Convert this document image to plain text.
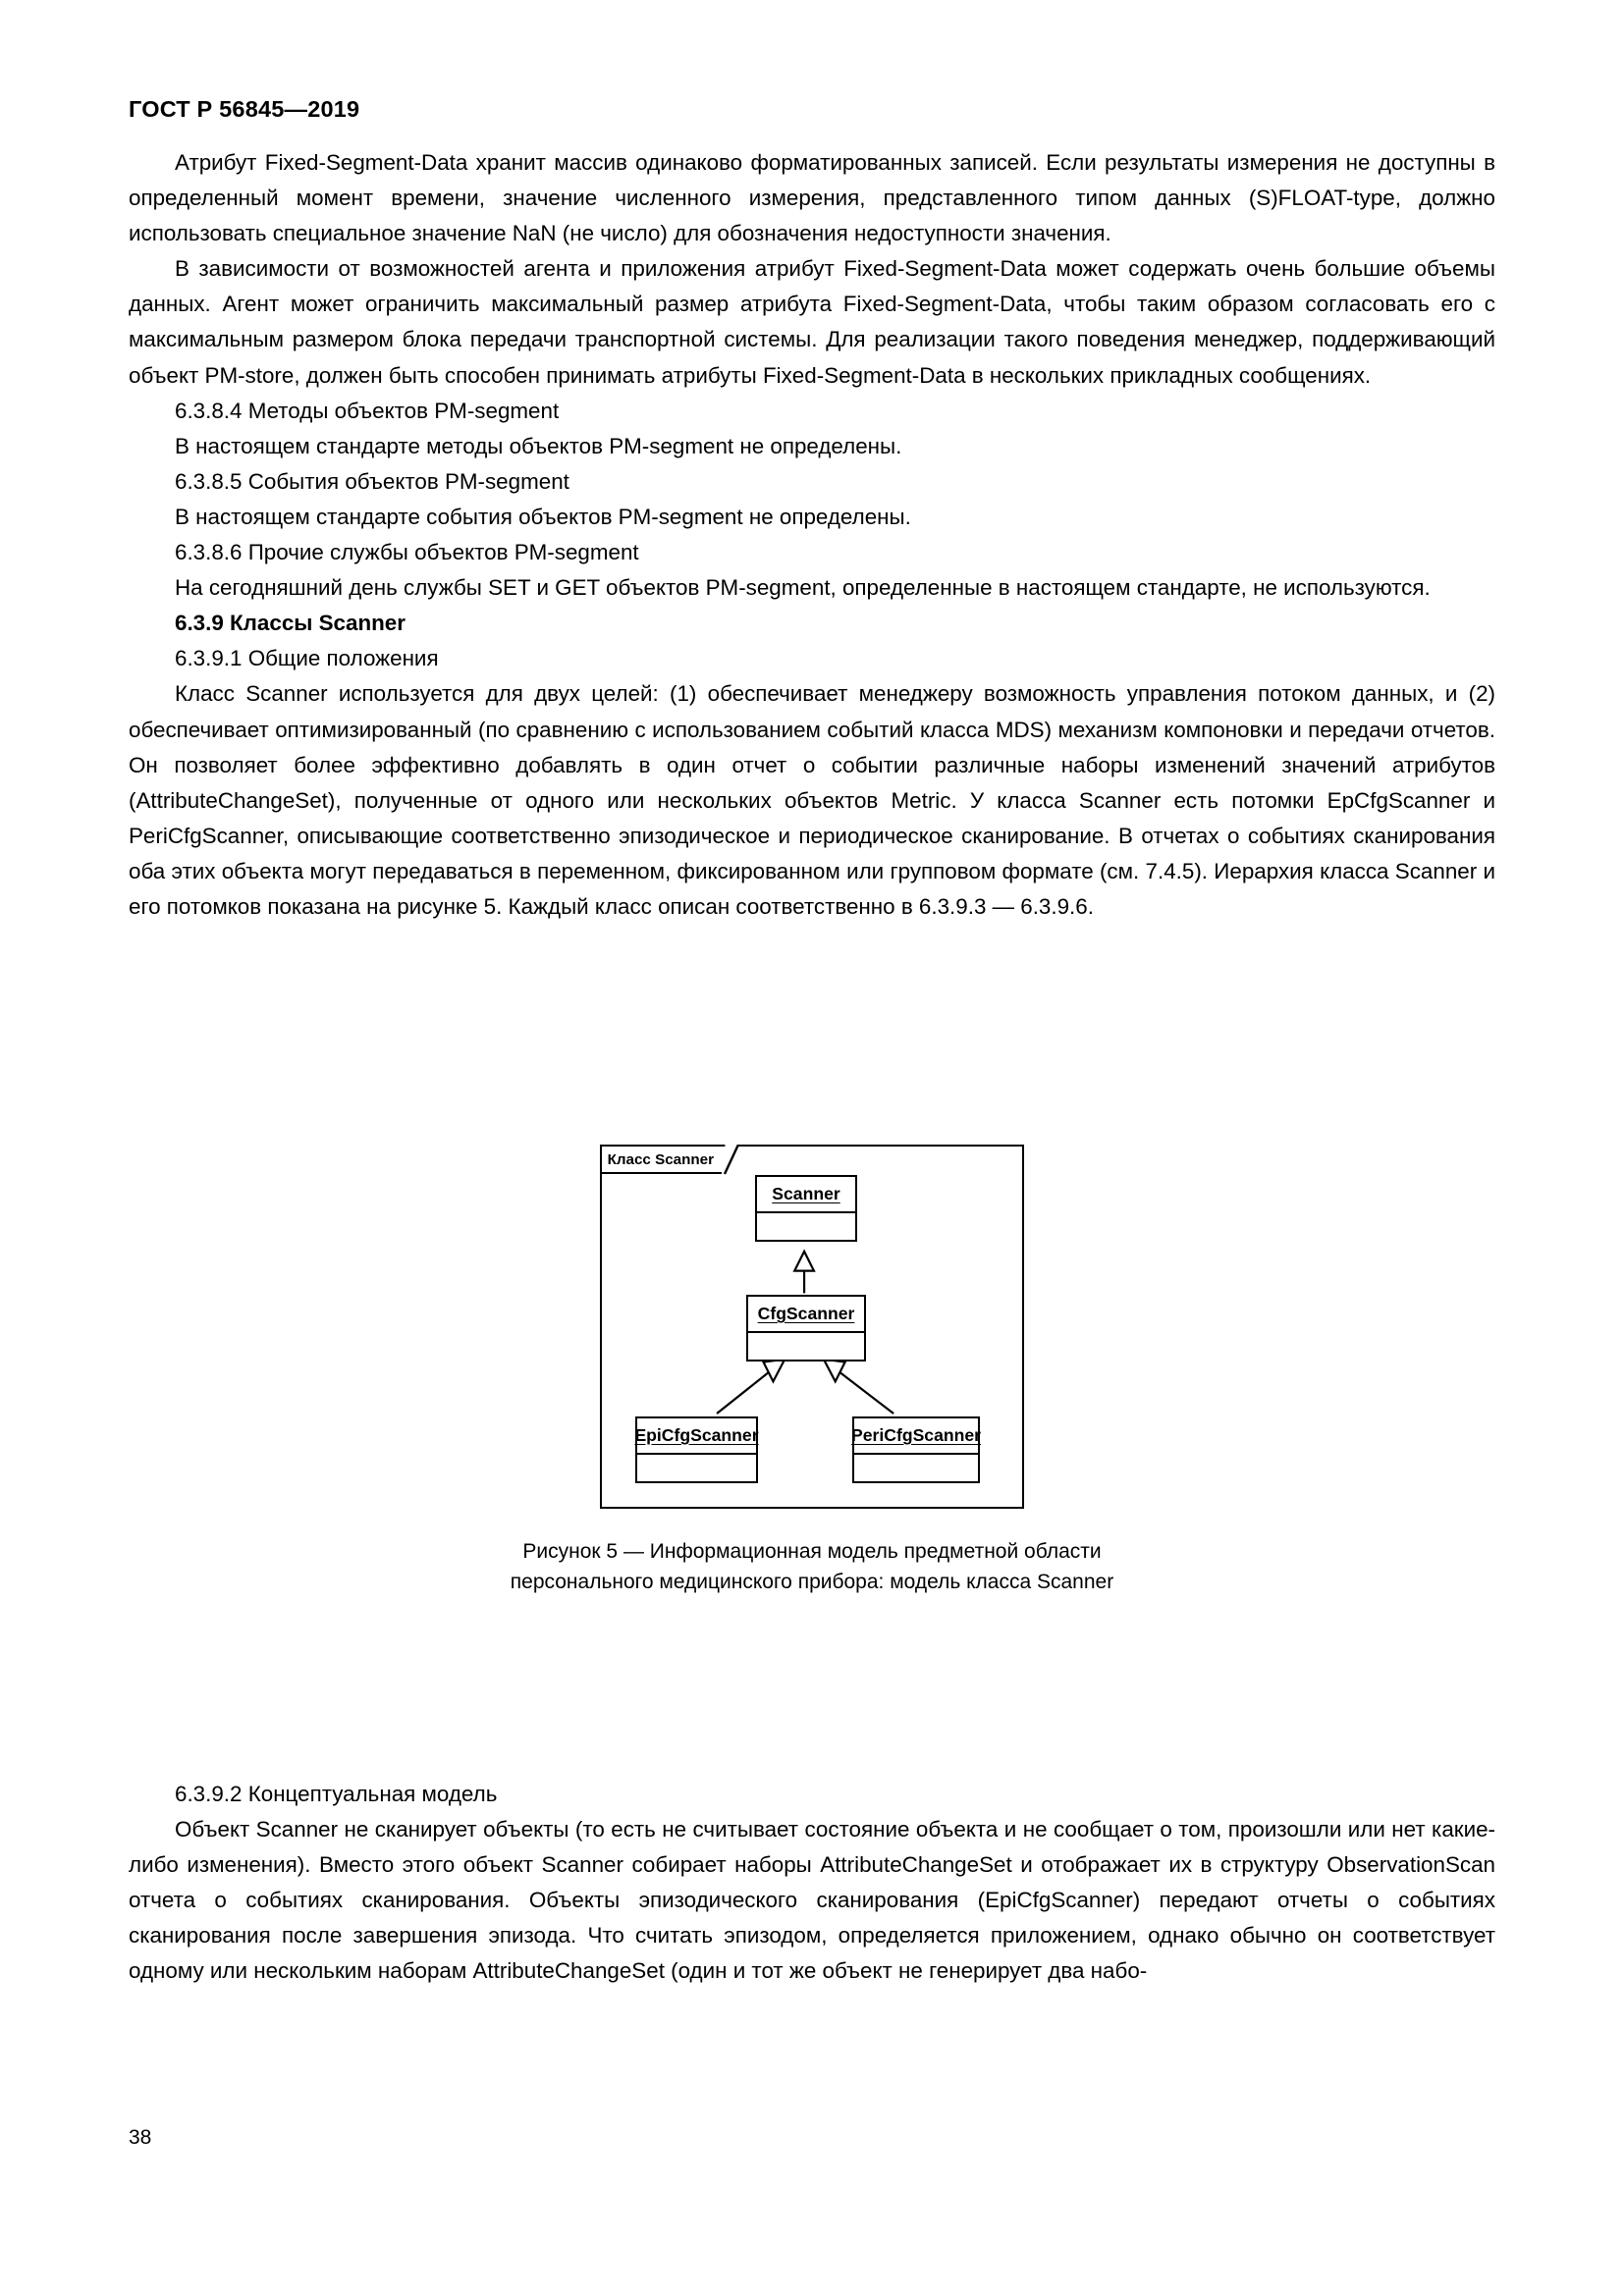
ГОСТ Р 56845—2019

Атрибут Fixed-Segment-Data хранит массив одинаково форматированных записей. Если результаты измерения не доступны в определенный момент времени, значение численного измерения, представленного типом данных (S)FLOAT-type, должно использовать специальное значение NaN (не число) для обозначения недоступности значения.

В зависимости от возможностей агента и приложения атрибут Fixed-Segment-Data может содержать очень большие объемы данных. Агент может ограничить максимальный размер атрибута Fixed-Segment-Data, чтобы таким образом согласовать его с максимальным размером блока передачи транспортной системы. Для реализации такого поведения менеджер, поддерживающий объект PM-store, должен быть способен принимать атрибуты Fixed-Segment-Data в нескольких прикладных сообщениях.

6.3.8.4 Методы объектов PM-segment

В настоящем стандарте методы объектов PM-segment не определены.

6.3.8.5 События объектов PM-segment

В настоящем стандарте события объектов PM-segment не определены.

6.3.8.6 Прочие службы объектов PM-segment

На сегодняшний день службы SET и GET объектов PM-segment, определенные в настоящем стандарте, не используются.

6.3.9 Классы Scanner

6.3.9.1 Общие положения

Класс Scanner используется для двух целей: (1) обеспечивает менеджеру возможность управления потоком данных, и (2) обеспечивает оптимизированный (по сравнению с использованием событий класса MDS) механизм компоновки и передачи отчетов. Он позволяет более эффективно добавлять в один отчет о событии различные наборы изменений значений атрибутов (AttributeChangeSet), полученные от одного или нескольких объектов Metric. У класса Scanner есть потомки EpCfgScanner и PeriCfgScanner, описывающие соответственно эпизодическое и периодическое сканирование. В отчетах о событиях сканирования оба этих объекта могут передаваться в переменном, фиксированном или групповом формате (см. 7.4.5). Иерархия класса Scanner и его потомков показана на рисунке 5. Каждый класс описан соответственно в 6.3.9.3 — 6.3.9.6.

Класс Scanner
Scanner
CfgScanner
EpiCfgScanner	PeriCfgScanner
Рисунок 5 — Информационная модель предметной области
персонального медицинского прибора: модель класса Scanner

6.3.9.2 Концептуальная модель

Объект Scanner не сканирует объекты (то есть не считывает состояние объекта и не сообщает о том, произошли или нет какие-либо изменения). Вместо этого объект Scanner собирает наборы AttributeChangeSet и отображает их в структуру ObservationScan отчета о событиях сканирования. Объекты эпизодического сканирования (EpiCfgScanner) передают отчеты о событиях сканирования после завершения эпизода. Что считать эпизодом, определяется приложением, однако обычно он соответствует одному или нескольким наборам AttributeChangeSet (один и тот же объект не генерирует два набо-

38
